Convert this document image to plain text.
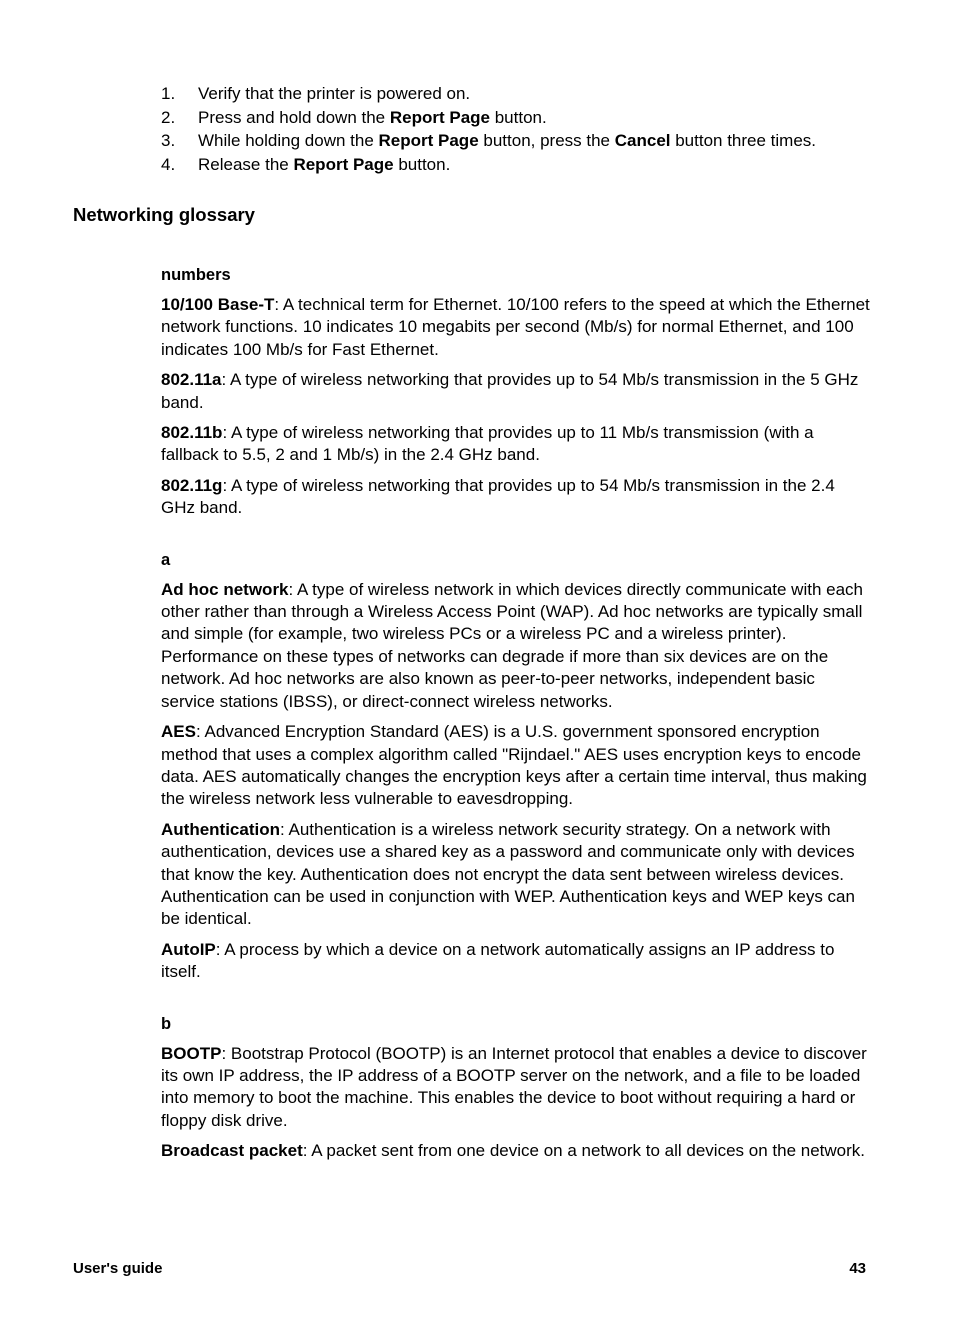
1.	Verify that the printer is powered on.
2.	Press and hold down the Report Page button.
3.	While holding down the Report Page button, press the Cancel button three times.
4.	Release the Report Page button.
Networking glossary
numbers

10/100 Base-T: A technical term for Ethernet. 10/100 refers to the speed at which the Ethernet network functions. 10 indicates 10 megabits per second (Mb/s) for normal Ethernet, and 100 indicates 100 Mb/s for Fast Ethernet.

802.11a: A type of wireless networking that provides up to 54 Mb/s transmission in the 5 GHz band.

802.11b: A type of wireless networking that provides up to 11 Mb/s transmission (with a fallback to 5.5, 2 and 1 Mb/s) in the 2.4 GHz band.

802.11g: A type of wireless networking that provides up to 54 Mb/s transmission in the 2.4 GHz band.

a

Ad hoc network: A type of wireless network in which devices directly communicate with each other rather than through a Wireless Access Point (WAP). Ad hoc networks are typically small and simple (for example, two wireless PCs or a wireless PC and a wireless printer). Performance on these types of networks can degrade if more than six devices are on the network. Ad hoc networks are also known as peer-to-peer networks, independent basic service stations (IBSS), or direct-connect wireless networks.

AES: Advanced Encryption Standard (AES) is a U.S. government sponsored encryption method that uses a complex algorithm called "Rijndael." AES uses encryption keys to encode data. AES automatically changes the encryption keys after a certain time interval, thus making the wireless network less vulnerable to eavesdropping.

Authentication: Authentication is a wireless network security strategy. On a network with authentication, devices use a shared key as a password and communicate only with devices that know the key. Authentication does not encrypt the data sent between wireless devices. Authentication can be used in conjunction with WEP. Authentication keys and WEP keys can be identical.

AutoIP: A process by which a device on a network automatically assigns an IP address to itself.

b

BOOTP: Bootstrap Protocol (BOOTP) is an Internet protocol that enables a device to discover its own IP address, the IP address of a BOOTP server on the network, and a file to be loaded into memory to boot the machine. This enables the device to boot without requiring a hard or floppy disk drive.

Broadcast packet: A packet sent from one device on a network to all devices on the network.

User's guide	43
